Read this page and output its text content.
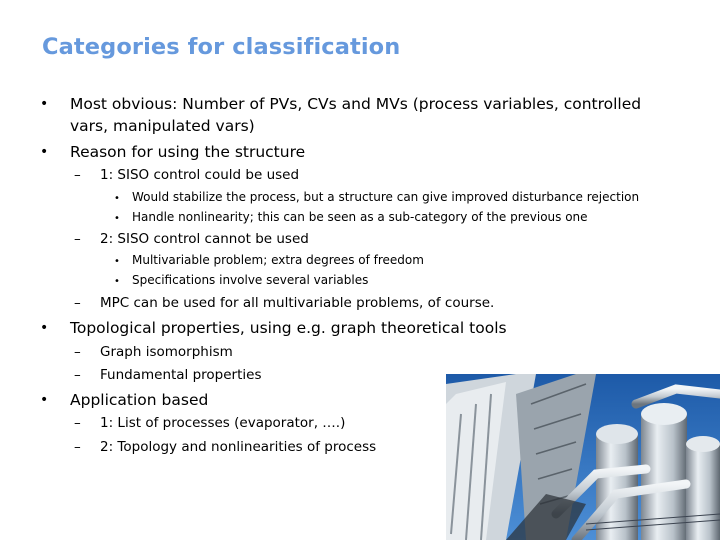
Categories for classification
• Most obvious: Number of PVs, CVs and MVs (process variables, controlled vars, manipulated vars)
• Reason for using the structure
– 1: SISO control could be used
• Would stabilize the process, but a structure can give improved disturbance rejection
• Handle nonlinearity; this can be seen as a sub-category of the previous one
– 2: SISO control cannot be used
• Multivariable problem; extra degrees of freedom
• Specifications involve several variables
– MPC can be used for all multivariable problems, of course.
• Topological properties, using e.g. graph theoretical tools
– Graph isomorphism
– Fundamental properties
• Application based
– 1: List of processes (evaporator, ….)
– 2: Topology and nonlinearities of process
